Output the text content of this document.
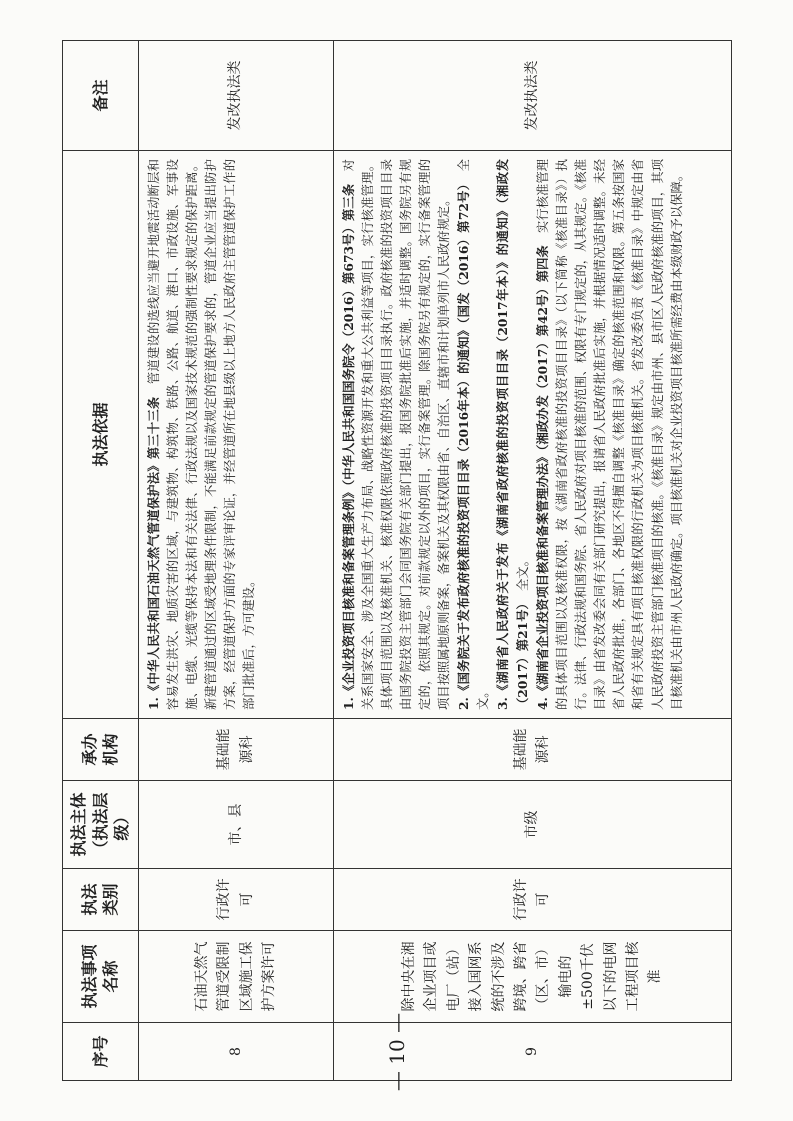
序号	执法事项名称	执法类别	执法主体（执法层级）	承办机构	执法依据	备注
8	石油天然气管道受限制区域施工保护方案许可	行政许可	市、县	基础能源科	1.《中华人民共和国石油天然气管道保护法》第三十三条　管道建设的选线应当避开地震活动断层和容易发生洪灾、地质灾害的区域，与建筑物、构筑物、铁路、公路、航道、港口、市政设施、军事设施、电缆、光缆等保持本法和有关法律、行政法规以及国家技术规范的强制性要求规定的保护距离。新建管道通过的区域受地理条件限制，不能满足前款规定的管道保护要求的，管道企业应当提出防护方案，经管道保护方面的专家评审论证，并经管道所在地县级以上地方人民政府主管管道保护工作的部门批准后，方可建设。	发改执法类
9	除中央在湘企业项目或电厂（站）接入国网系统的不涉及跨境、跨省（区、市）输电的±500千伏以下的电网工程项目核准	行政许可	市级	基础能源科	1.《企业投资项目核准和备案管理条例》（中华人民共和国国务院令（2016）第673号）第三条　对关系国家安全、涉及全国重大生产力布局、战略性资源开发和重大公共利益等项目，实行核准管理。具体项目范围以及核准机关、核准权限依照政府核准的投资项目目录执行。政府核准的投资项目目录由国务院投资主管部门会同国务院有关部门提出，报国务院批准后实施，并适时调整。国务院另有规定的，依照其规定。对前款规定以外的项目，实行备案管理。除国务院另有规定的，实行备案管理的项目按照属地原则备案，备案机关及其权限由省、自治区、直辖市和计划单列市人民政府规定。 2.《国务院关于发布政府核准的投资项目目录（2016年本）的通知》（国发（2016）第72号）　全文。 3.《湖南省人民政府关于发布《湖南省政府核准的投资项目目录（2017年本）》的通知》（湘政发（2017）第21号）　全文。 4.《湖南省企业投资项目核准和备案管理办法》（湘政办发（2017）第42号）第四条　实行核准管理的具体项目范围以及核准权限，按《湖南省政府核准的投资项目目录》（以下简称《核准目录》）执行。法律、行政法规和国务院、省人民政府对项目核准的范围、权限有专门规定的，从其规定。《核准目录》由省发改委会同有关部门研究提出，报请省人民政府批准后实施，并根据情况适时调整。未经省人民政府批准，各部门、各地区不得擅自调整《核准目录》确定的核准范围和权限。第五条按国家和省有关规定具有项目核准权限的行政机关为项目核准机关。省发改委负责《核准目录》中规定由省人民政府投资主管部门核准项目的核准。《核准目录》规定由市州、县市区人民政府核准的项目，其项目核准机关由市州人民政府确定。项目核准机关对企业投资项目核准所需经费由本级财政予以保障。	发改执法类
— 10 —
